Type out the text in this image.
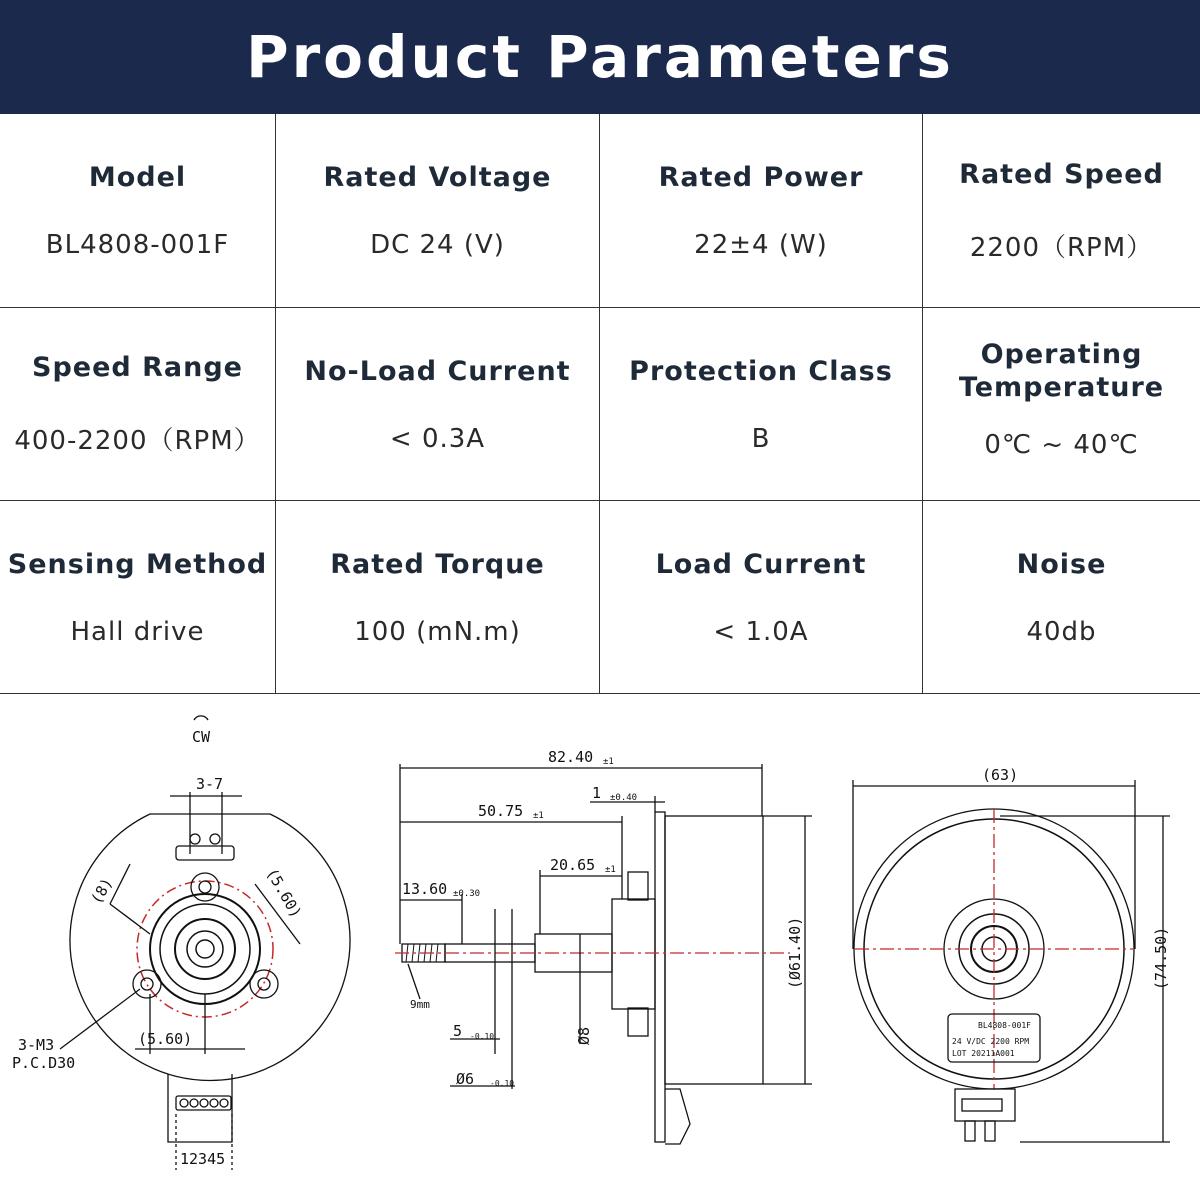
Product Parameters
Model
BL4808-001F
Rated Voltage
DC 24 (V)
Rated Power
22±4 (W)
Rated Speed
2200（RPM）
Speed Range
400-2200（RPM）
No-Load Current
< 0.3A
Protection Class
B
Operating
Temperature
0℃ ~ 40℃
Sensing Method
Hall drive
Rated Torque
100 (mN.m)
Load Current
< 1.0A
Noise
40db
CW
3-7
(8)	(5.60)
(5.60)
3-M3
P.C.D30
12345
82.40 ±1
50.75 ±1
1 ±0.40
20.65 ±1
13.60 ±0.30
(Ø61.40)
9mm
5 -0.10	Ø8
Ø6 -0.10
(63)
(74.50)
BL4808-001F
24 V/DC 2200 RPM
LOT 20211A001
